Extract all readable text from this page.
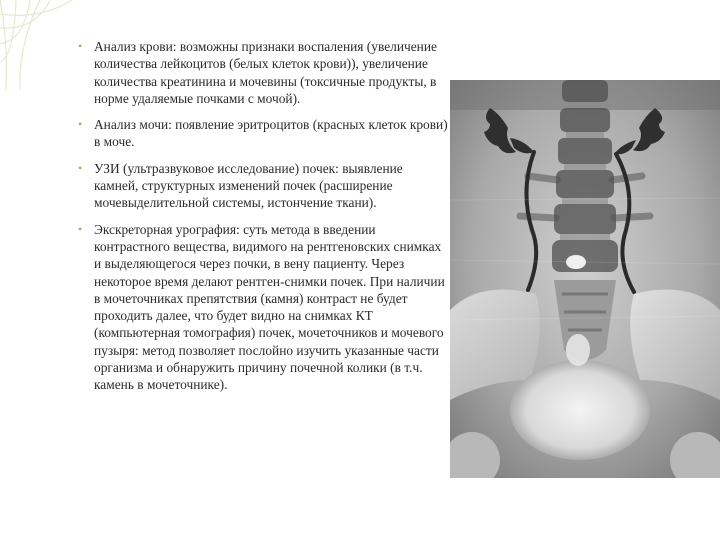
• Анализ крови: возможны признаки воспаления (увеличение количества лейкоцитов (белых клеток крови)), увеличение количества креатинина и мочевины (токсичные продукты, в норме удаляемые почками с мочой).

• Анализ мочи: появление эритроцитов (красных клеток крови) в моче.

• УЗИ (ультразвуковое исследование) почек: выявление камней, структурных изменений почек (расширение мочевыделительной системы, истончение ткани).

• Экскреторная урография: суть метода в введении контрастного вещества, видимого на рентгеновских снимках и выделяющегося через почки, в вену пациенту. Через некоторое время делают рентген-снимки почек. При наличии в мочеточниках препятствия (камня) контраст не будет проходить далее, что будет видно на снимках КТ (компьютерная томография) почек, мочеточников и мочевого пузыря: метод позволяет послойно изучить указанные части организма и обнаружить причину почечной колики (в т.ч. камень в мочеточнике).
